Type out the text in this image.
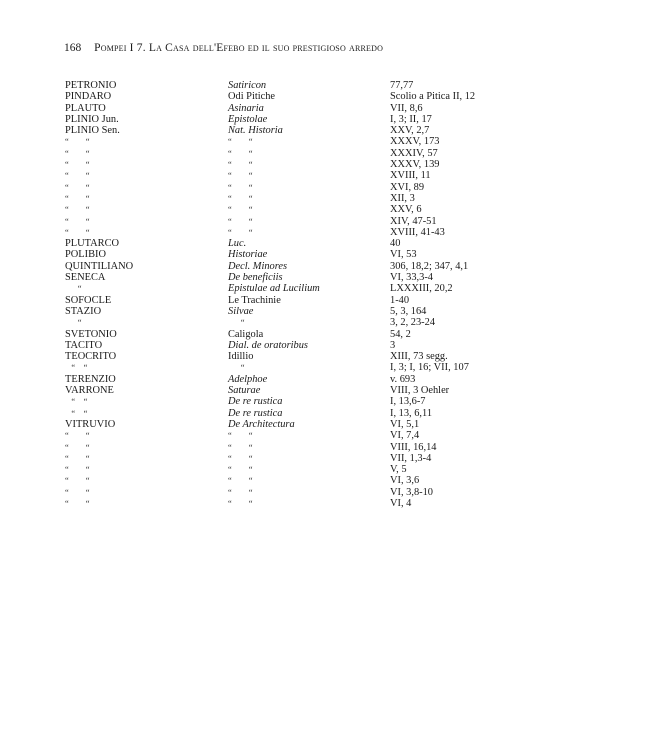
168 Pompei I 7. La Casa dell'Efebo ed il suo prestigioso arredo
PETRONIO	Satiricon	77,77
PINDARO	Odi Pitiche	Scolio a Pitica II, 12
PLAUTO	Asinaria	VII, 8,6
PLINIO Jun.	Epistolae	I, 3; II, 17
PLINIO Sen.	Nat. Historia	XXV, 2,7
“        “	“        “	XXXV, 173
“        “	“        “	XXXIV, 57
“        “	“        “	XXXV, 139
“        “	“        “	XVIII, 11
“        “	“        “	XVI, 89
“        “	“        “	XII, 3
“        “	“        “	XXV, 6
“        “	“        “	XIV, 47-51
“        “	“        “	XVIII, 41-43
PLUTARCO	Luc.	40
POLIBIO	Historiae	VI, 53
QUINTILIANO	Decl. Minores	306, 18,2; 347, 4,1
SENECA	De beneficiis	VI, 33,3-4
“	Epistulae ad Lucilium	LXXXIII, 20,2
SOFOCLE	Le Trachinie	1-40
STAZIO	Silvae	5, 3, 164
“	“	3, 2, 23-24
SVETONIO	Caligola	54, 2
TACITO	Dial. de oratoribus	3
TEOCRITO	Idillio	XIII, 73 segg.
“    “	“	I, 3; I, 16; VII, 107
TERENZIO	Adelphoe	v. 693
VARRONE	Saturae	VIII, 3 Oehler
“    “	De re rustica	I, 13,6-7
“    “	De re rustica	I, 13, 6,11
VITRUVIO	De Architectura	VI, 5,1
“        “	“        “	VI, 7,4
“        “	“        “	VIII, 16,14
“        “	“        “	VII, 1,3-4
“        “	“        “	V, 5
“        “	“        “	VI, 3,6
“        “	“        “	VI, 3,8-10
“        “	“        “	VI, 4
